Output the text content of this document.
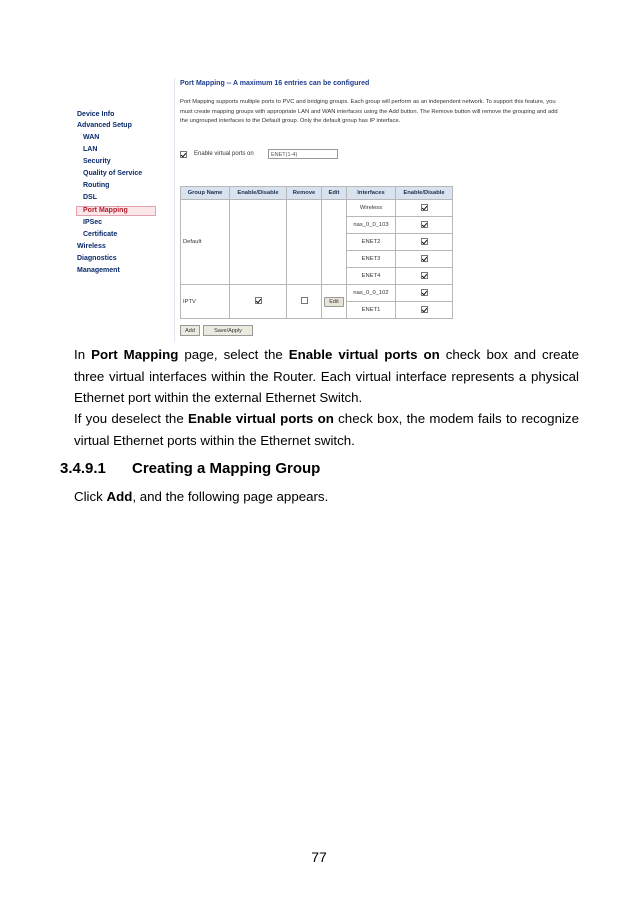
Device Info
Advanced Setup
WAN
LAN
Security
Quality of Service
Routing
DSL
Port Mapping
IPSec
Certificate
Wireless
Diagnostics
Management
Port Mapping -- A maximum 16 entries can be configured
Port Mapping supports multiple ports to PVC and bridging groups. Each group will perform as an independent network. To support this feature, you must create mapping groups with appropriate LAN and WAN interfaces using the Add button. The Remove button will remove the grouping and add the ungrouped interfaces to the Default group. Only the default group has IP interface.
Enable virtual ports on	ENET(1-4)
Group Name	Enable/Disable	Remove	Edit	Interfaces	Enable/Disable
Default				Wireless	
				nas_0_0_103	
				ENET2	
				ENET3	
				ENET4	
IPTV			Edit	nas_0_0_102	
				ENET1	
Add	Save/Apply
In Port Mapping page, select the Enable virtual ports on check box and create three virtual interfaces within the Router. Each virtual interface represents a physical Ethernet port within the external Ethernet Switch.
If you deselect the Enable virtual ports on check box, the modem fails to recognize virtual Ethernet ports within the Ethernet switch.
3.4.9.1 Creating a Mapping Group
Click Add, and the following page appears.
77
